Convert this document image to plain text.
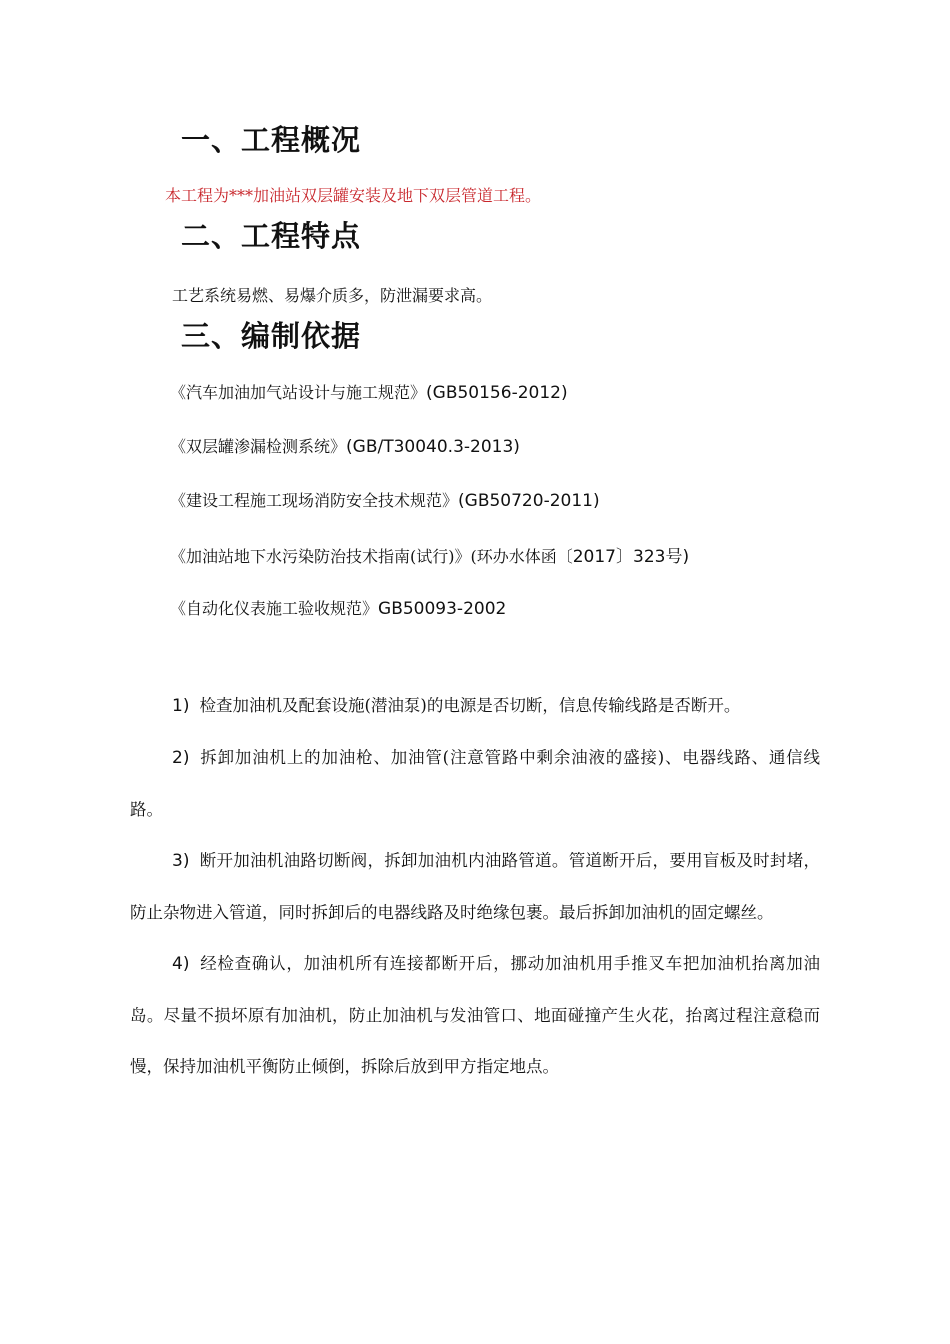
一、工程概况
本工程为***加油站双层罐安装及地下双层管道工程。
二、工程特点
工艺系统易燃、易爆介质多，防泄漏要求高。
三、编制依据
《汽车加油加气站设计与施工规范》(GB50156-2012)
《双层罐渗漏检测系统》(GB/T30040.3-2013)
《建设工程施工现场消防安全技术规范》(GB50720-2011)
《加油站地下水污染防治技术指南(试行)》(环办水体函〔2017〕323号)
《自动化仪表施工验收规范》GB50093-2002

1) 检查加油机及配套设施(潜油泵)的电源是否切断，信息传输线路是否断开。

2) 拆卸加油机上的加油枪、加油管(注意管路中剩余油液的盛接)、电器线路、通信线路。

3) 断开加油机油路切断阀，拆卸加油机内油路管道。管道断开后，要用盲板及时封堵，防止杂物进入管道，同时拆卸后的电器线路及时绝缘包裹。最后拆卸加油机的固定螺丝。

4) 经检查确认，加油机所有连接都断开后，挪动加油机用手推叉车把加油机抬离加油岛。尽量不损坏原有加油机，防止加油机与发油管口、地面碰撞产生火花，抬离过程注意稳而慢，保持加油机平衡防止倾倒，拆除后放到甲方指定地点。
